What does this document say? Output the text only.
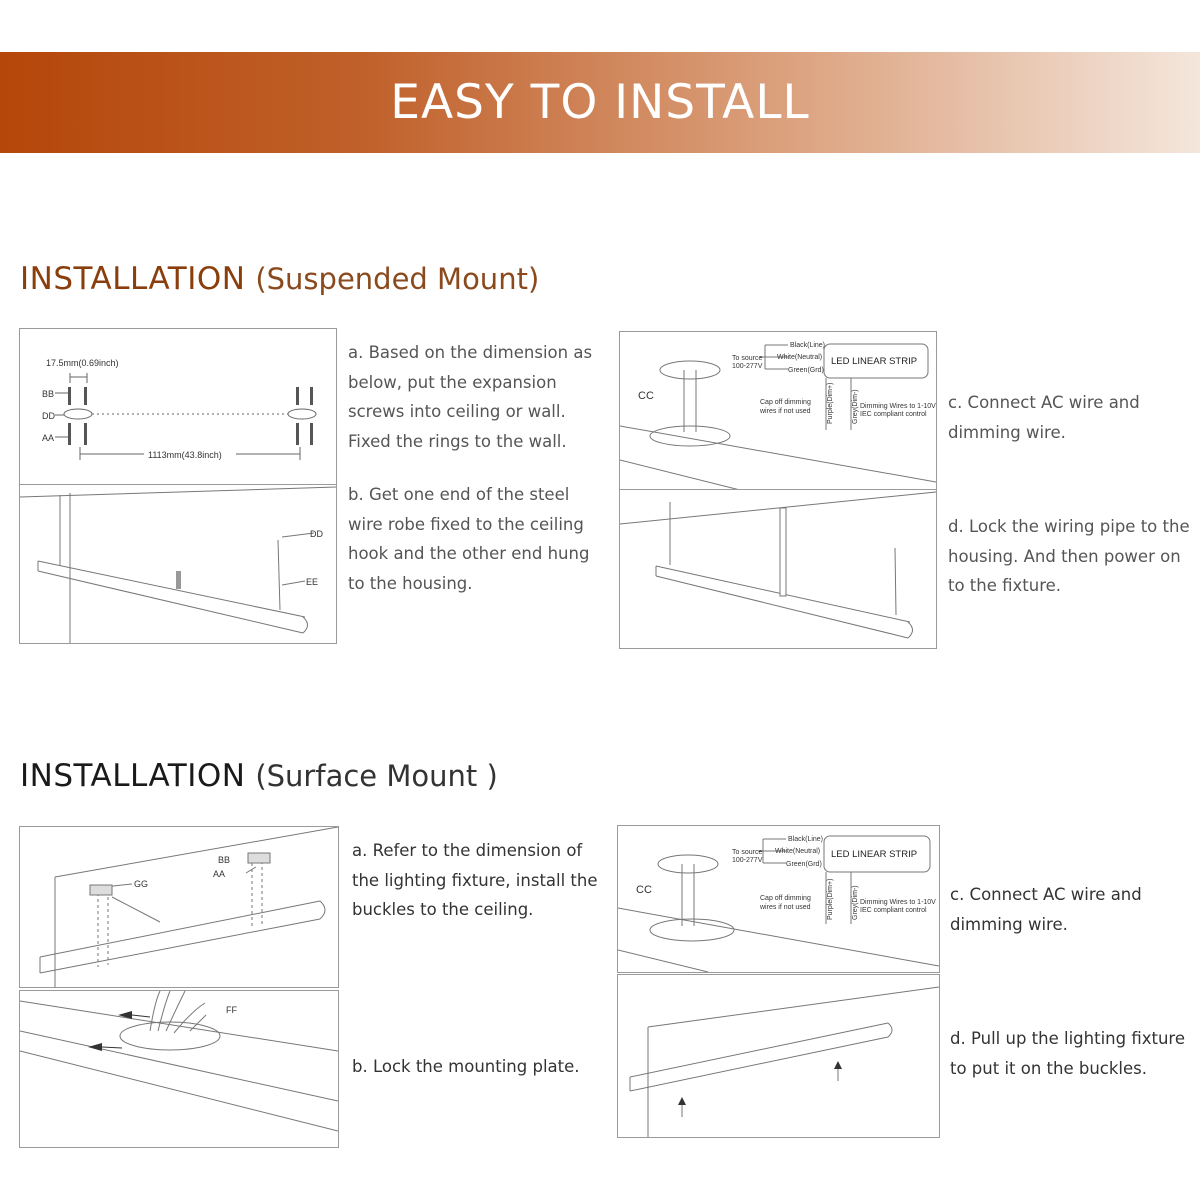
EASY TO INSTALL
INSTALLATION (Suspended Mount)
17.5mm(0.69inch)
BB
DD
AA
1113mm(43.8inch)
DD
EE
a. Based on the dimension as below, put the expansion screws into ceiling or wall. Fixed the rings to the wall.
b. Get one end of the steel wire robe fixed to the ceiling hook and the other end hung to the housing.
LED LINEAR STRIP
Black(Line)
White(Neutral)
Green(Grd)
To source
100-277V
Cap off dimming
wires if not used
Dimming Wires to 1-10V
IEC compliant control
Purple(Dim+)	Grey(Dim-)
CC	c. Connect AC wire and dimming wire.
d. Lock the wiring pipe to the housing. And then power on to the fixture.
INSTALLATION (Surface Mount )
GG
BB
AA
FF
a. Refer to the dimension of the lighting fixture, install the buckles to the ceiling.
b. Lock the mounting plate.
LED LINEAR STRIP
Black(Line)
White(Neutral)
Green(Grd)
To source
100-277V
Cap off dimming
wires if not used
Dimming Wires to 1-10V
IEC compliant control
Purple(Dim+)	Grey(Dim-)
CC	c. Connect AC wire and dimming wire.
d. Pull up the lighting fixture to put it on the buckles.
